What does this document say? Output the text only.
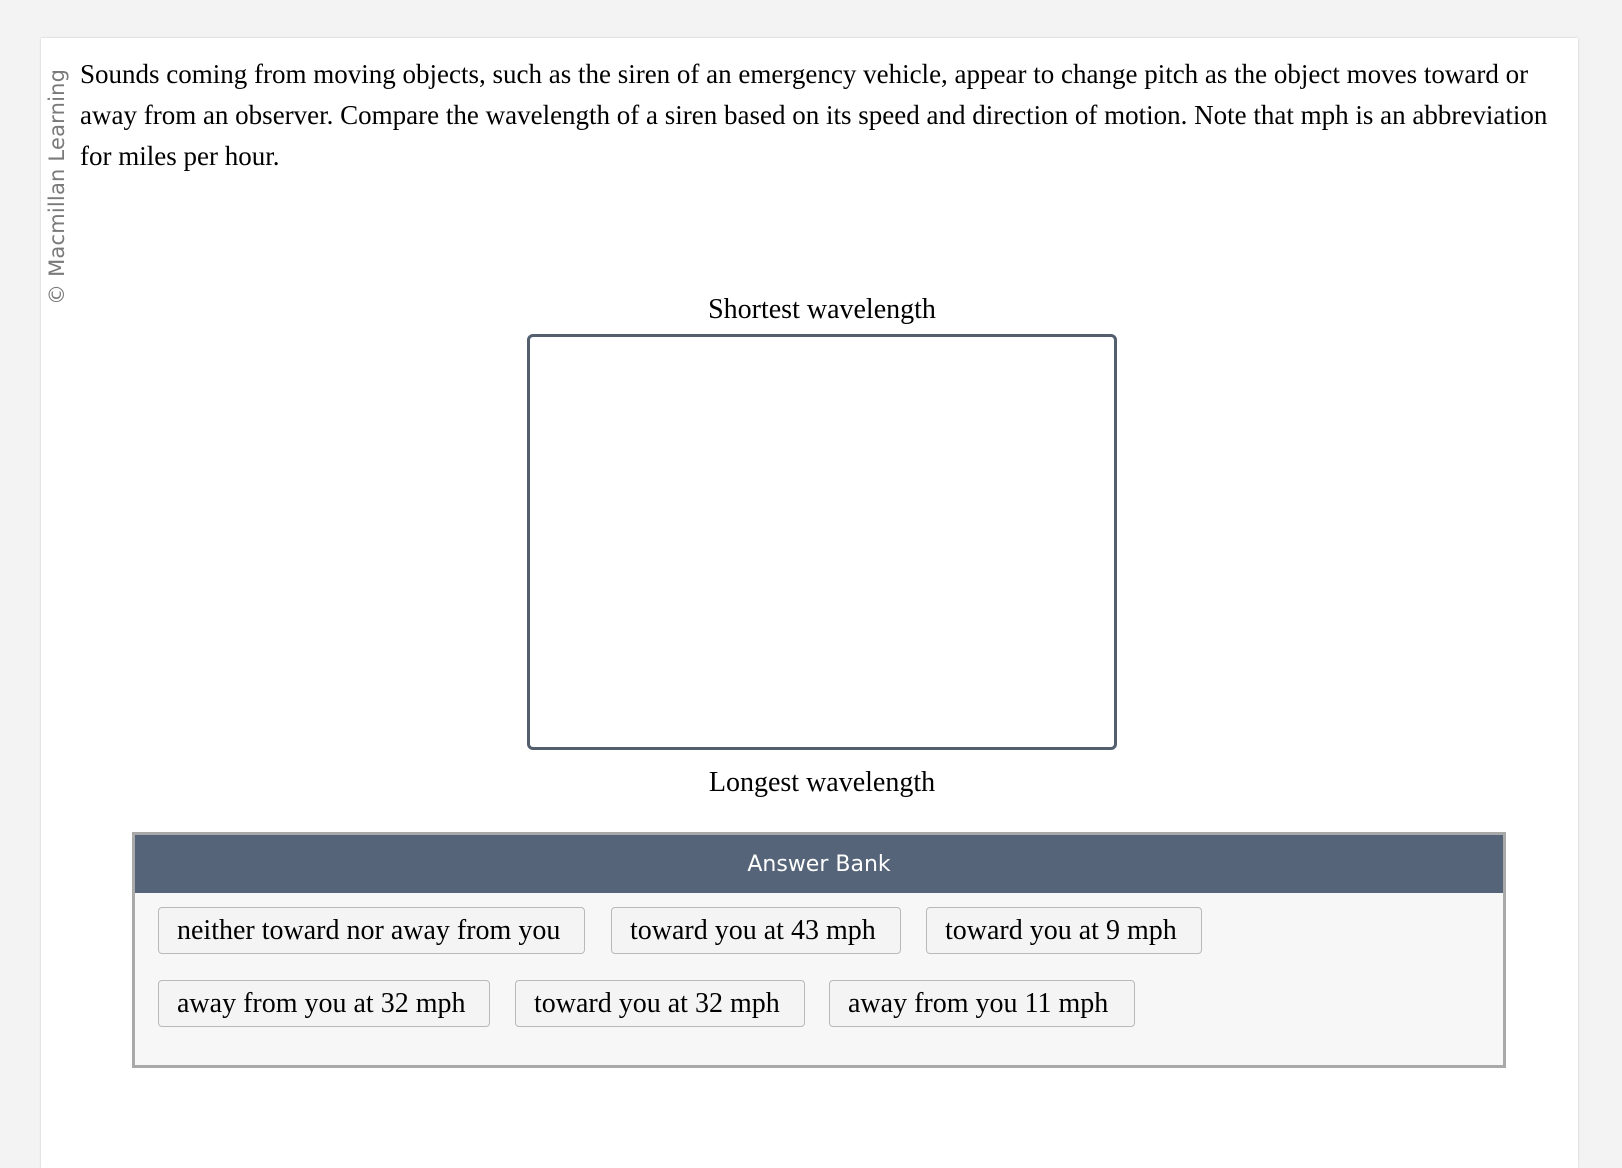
© Macmillan Learning Sounds coming from moving objects, such as the siren of an emergency vehicle, appear to change pitch as the object moves toward or away from an observer. Compare the wavelength of a siren based on its speed and direction of motion. Note that mph is an abbreviation for miles per hour.
Shortest wavelength
Longest wavelength
Answer Bank
neither toward nor away from you	toward you at 43 mph	toward you at 9 mph
away from you at 32 mph	toward you at 32 mph	away from you 11 mph
